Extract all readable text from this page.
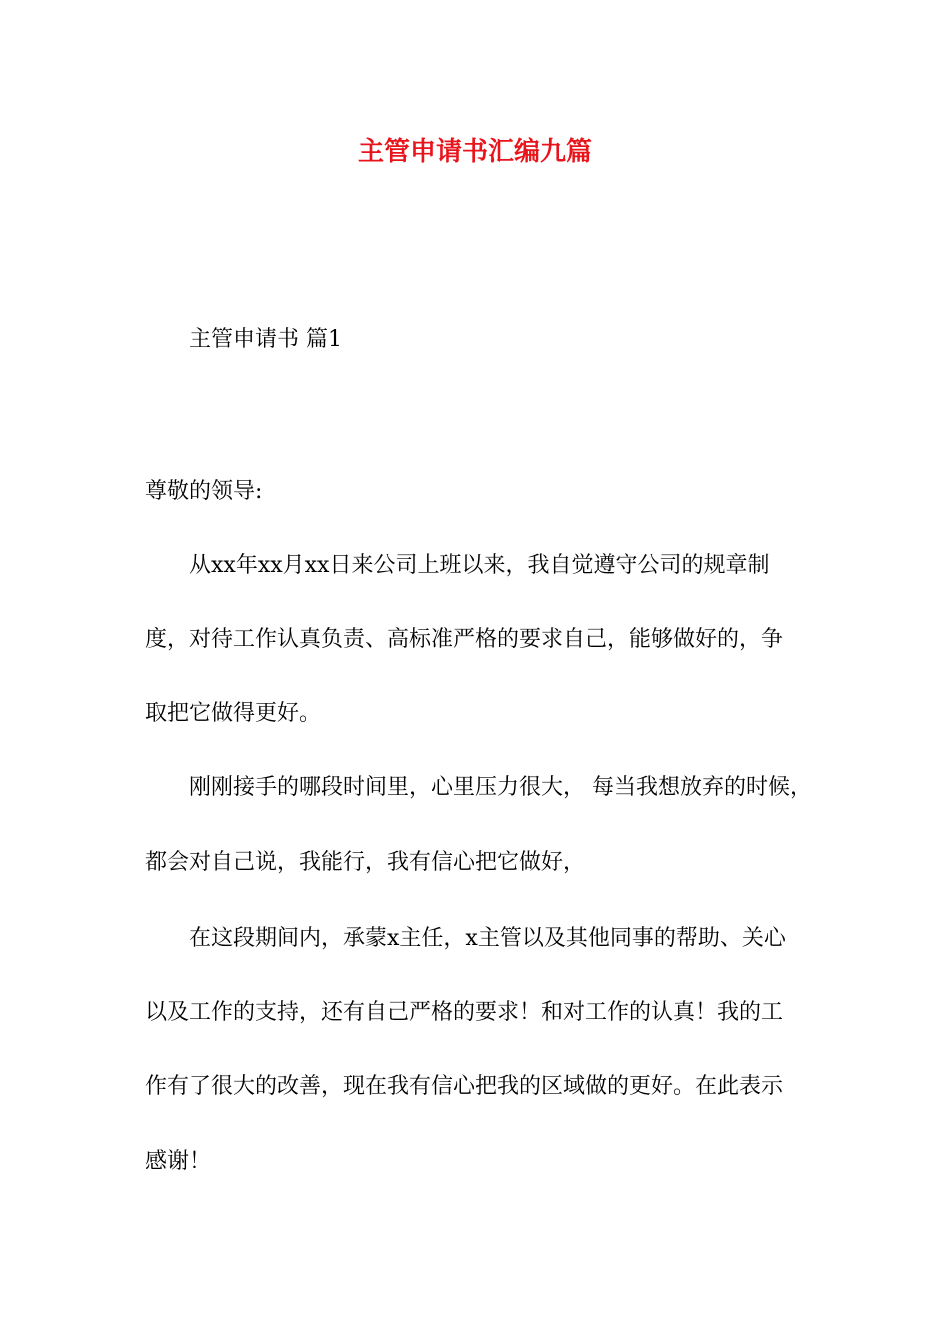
主管申请书汇编九篇

主管申请书 篇1

尊敬的领导:

从xx年xx月xx日来公司上班以来，我自觉遵守公司的规章制

度，对待工作认真负责、高标准严格的要求自己，能够做好的，争

取把它做得更好。

刚刚接手的哪段时间里，心里压力很大， 每当我想放弃的时候，

都会对自己说，我能行，我有信心把它做好，

在这段期间内，承蒙x主任，x主管以及其他同事的帮助、关心

以及工作的支持，还有自己严格的要求！和对工作的认真！我的工

作有了很大的改善，现在我有信心把我的区域做的更好。在此表示

感谢！
